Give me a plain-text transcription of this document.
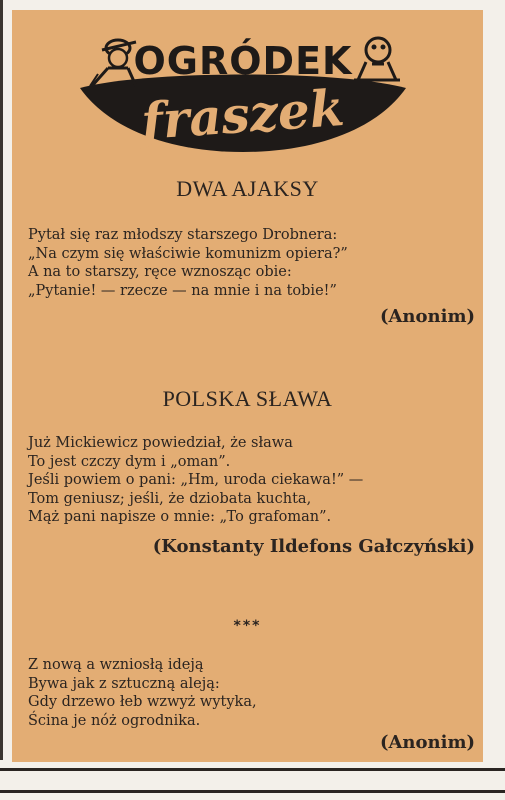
OGRÓDEK
fraszek
DWA AJAKSY
Pytał się raz młodszy starszego Drobnera:
„Na czym się właściwie komunizm opiera?”
A na to starszy, ręce wznosząc obie:
„Pytanie! — rzecze — na mnie i na tobie!”

(Anonim)

POLSKA SŁAWA
Już Mickiewicz powiedział, że sława
To jest czczy dym i „oman”.
Jeśli powiem o pani: „Hm, uroda ciekawa!” —
Tom geniusz; jeśli, że dziobata kuchta,
Mąż pani napisze o mnie: „To grafoman”.

(Konstanty Ildefons Gałczyński)

***
Z nową a wzniosłą ideją
Bywa jak z sztuczną aleją:
Gdy drzewo łeb wzwyż wytyka,
Ścina je nóż ogrodnika.

(Anonim)
